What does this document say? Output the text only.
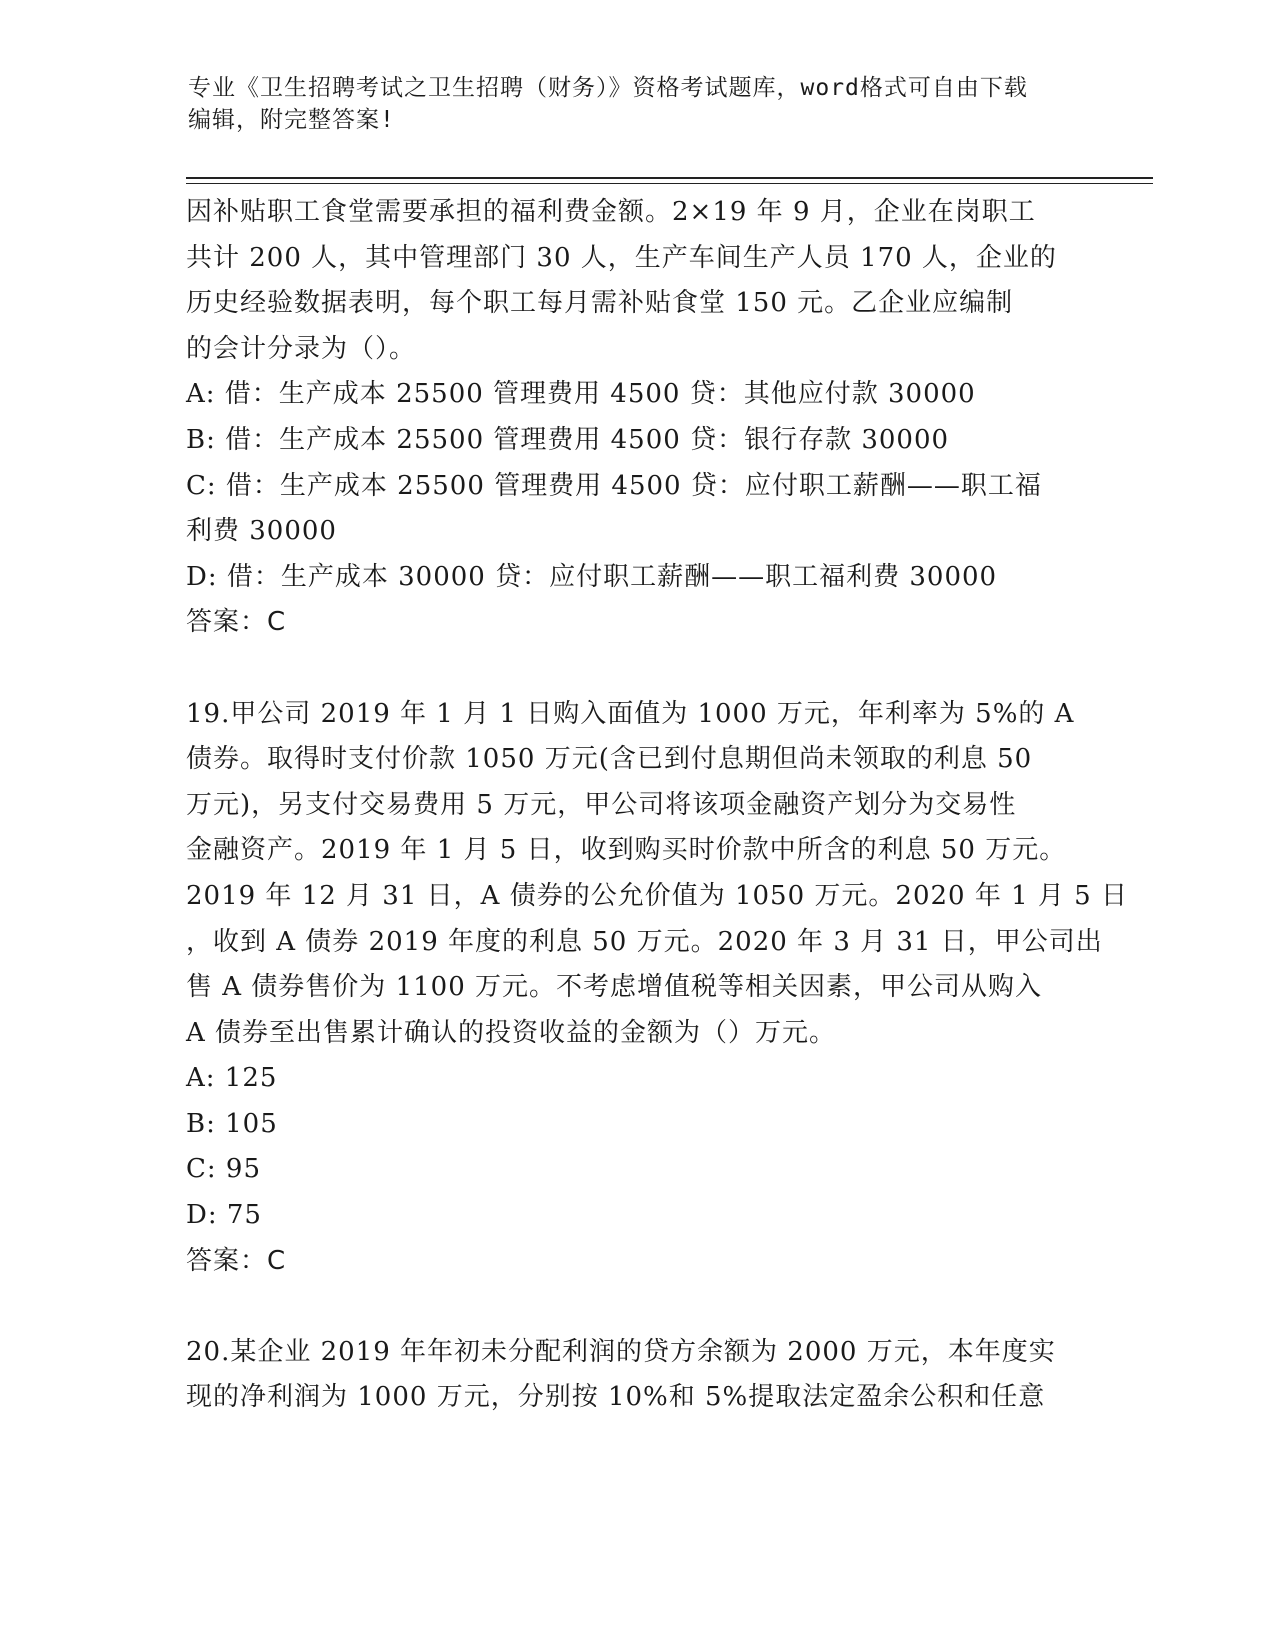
专业《卫生招聘考试之卫生招聘（财务）》资格考试题库，word格式可自由下载
编辑，附完整答案!
因补贴职工食堂需要承担的福利费金额。2×19 年 9 月，企业在岗职工
共计 200 人，其中管理部门 30 人，生产车间生产人员 170 人，企业的
历史经验数据表明，每个职工每月需补贴食堂 150 元。乙企业应编制
的会计分录为（）。
A: 借：生产成本 25500 管理费用 4500 贷：其他应付款 30000
B: 借：生产成本 25500 管理费用 4500 贷：银行存款 30000
C: 借：生产成本 25500 管理费用 4500 贷：应付职工薪酬——职工福
利费 30000
D: 借：生产成本 30000 贷：应付职工薪酬——职工福利费 30000
答案：C
19.甲公司 2019 年 1 月 1 日购入面值为 1000 万元，年利率为 5%的 A
债券。取得时支付价款 1050 万元(含已到付息期但尚未领取的利息 50
万元)，另支付交易费用 5 万元，甲公司将该项金融资产划分为交易性
金融资产。2019 年 1 月 5 日，收到购买时价款中所含的利息 50 万元。
2019 年 12 月 31 日，A 债券的公允价值为 1050 万元。2020 年 1 月 5 日
，收到 A 债券 2019 年度的利息 50 万元。2020 年 3 月 31 日，甲公司出
售 A 债券售价为 1100 万元。不考虑增值税等相关因素，甲公司从购入
A 债券至出售累计确认的投资收益的金额为（）万元。
A: 125
B: 105
C: 95
D: 75
答案：C
20.某企业 2019 年年初未分配利润的贷方余额为 2000 万元，本年度实
现的净利润为 1000 万元，分别按 10%和 5%提取法定盈余公积和任意
